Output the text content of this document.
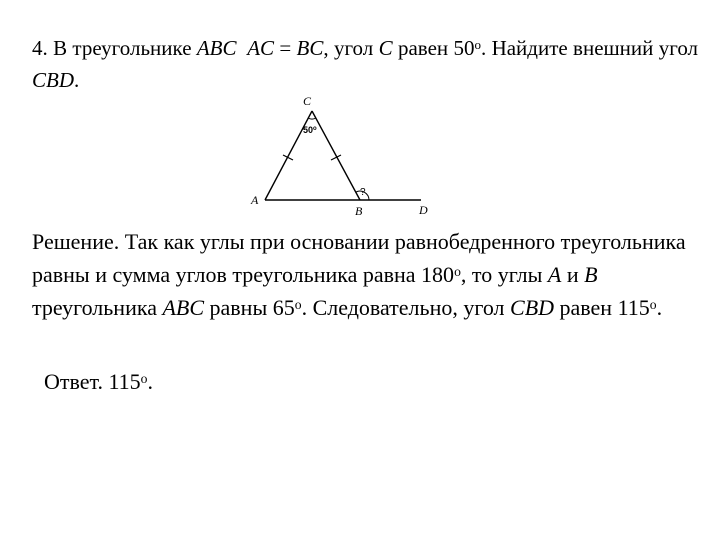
4. В треугольнике ABC AC = BC, угол C равен $50^о$. Найдите внешний угол CBD.
C
A
B	D
$50^о$
?
Решение. Так как углы при основании равнобедренного треугольника равны и сумма углов треугольника равна $180^о$, то углы A и B треугольника ABC равны $65^о$. Следовательно, угол CBD равен $115^о$.
Ответ. $115^о$.
